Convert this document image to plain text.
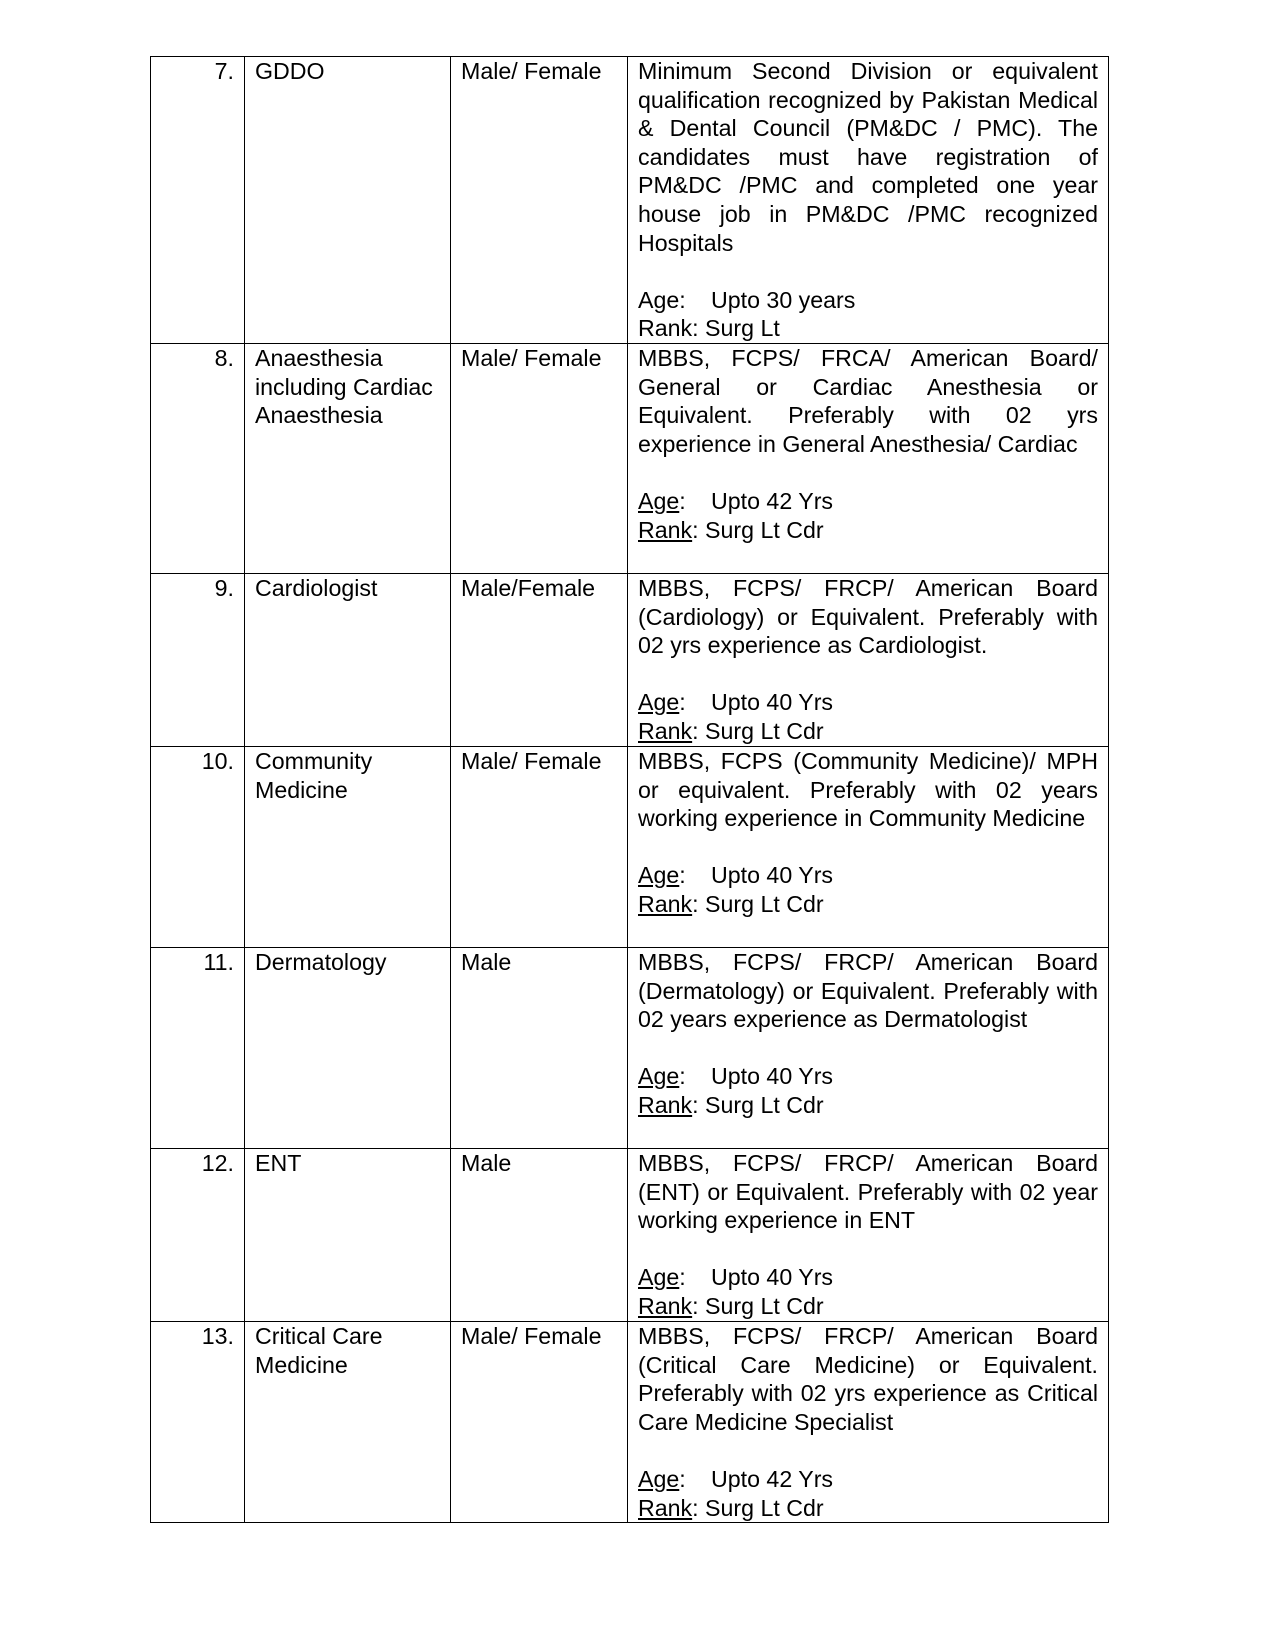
7.	GDDO	Male/ Female	Minimum Second Division or equivalent qualification recognized by Pakistan Medical & Dental Council (PM&DC / PMC). The candidates must have registration of PM&DC /PMC and completed one year house job in PM&DC /PMC recognized Hospitals
Age: Upto 30 years
Rank: Surg Lt

8.	Anaesthesia including Cardiac Anaesthesia	Male/ Female	MBBS, FCPS/ FRCA/ American Board/ General or Cardiac Anesthesia or Equivalent. Preferably with 02 yrs experience in General Anesthesia/ Cardiac
Age: Upto 42 Yrs
Rank: Surg Lt Cdr

9.	Cardiologist	Male/Female	MBBS, FCPS/ FRCP/ American Board (Cardiology) or Equivalent. Preferably with 02 yrs experience as Cardiologist.
Age: Upto 40 Yrs
Rank: Surg Lt Cdr

10.	Community Medicine	Male/ Female	MBBS, FCPS (Community Medicine)/ MPH or equivalent. Preferably with 02 years working experience in Community Medicine
Age: Upto 40 Yrs
Rank: Surg Lt Cdr

11.	Dermatology	Male	MBBS, FCPS/ FRCP/ American Board (Dermatology) or Equivalent. Preferably with 02 years experience as Dermatologist
Age: Upto 40 Yrs
Rank: Surg Lt Cdr

12.	ENT	Male	MBBS, FCPS/ FRCP/ American Board (ENT) or Equivalent. Preferably with 02 year working experience in ENT
Age: Upto 40 Yrs
Rank: Surg Lt Cdr

13.	Critical Care Medicine	Male/ Female	MBBS, FCPS/ FRCP/ American Board (Critical Care Medicine) or Equivalent. Preferably with 02 yrs experience as Critical Care Medicine Specialist
Age: Upto 42 Yrs
Rank: Surg Lt Cdr
